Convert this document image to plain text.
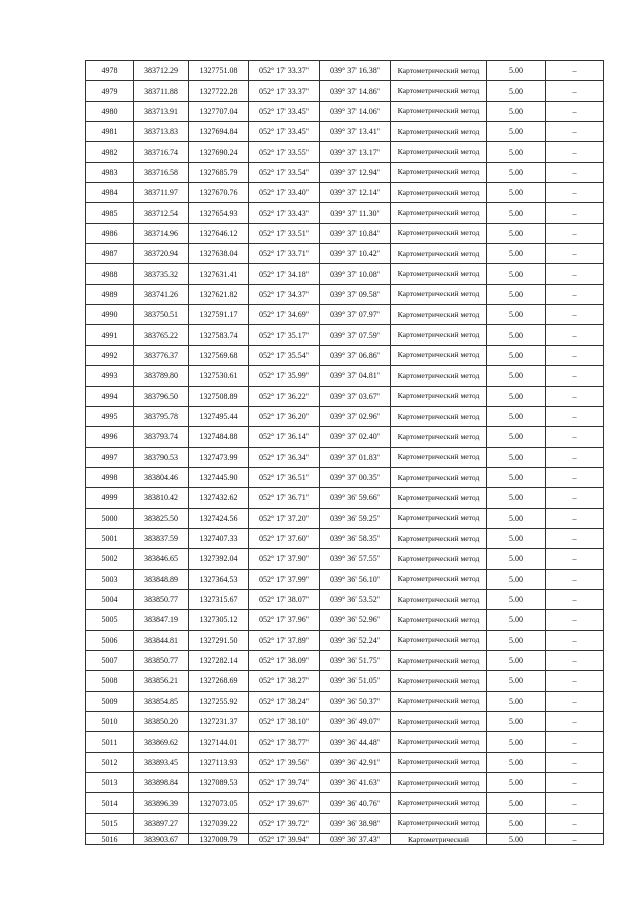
4978	383712.29	1327751.08	052° 17' 33.37"	039° 37' 16.38"	Картометрический метод	5.00	–
4979	383711.88	1327722.28	052° 17' 33.37"	039° 37' 14.86"	Картометрический метод	5.00	–
4980	383713.91	1327707.04	052° 17' 33.45"	039° 37' 14.06"	Картометрический метод	5.00	–
4981	383713.83	1327694.84	052° 17' 33.45"	039° 37' 13.41"	Картометрический метод	5.00	–
4982	383716.74	1327690.24	052° 17' 33.55"	039° 37' 13.17"	Картометрический метод	5.00	–
4983	383716.58	1327685.79	052° 17' 33.54"	039° 37' 12.94"	Картометрический метод	5.00	–
4984	383711.97	1327670.76	052° 17' 33.40"	039° 37' 12.14"	Картометрический метод	5.00	–
4985	383712.54	1327654.93	052° 17' 33.43"	039° 37' 11.30"	Картометрический метод	5.00	–
4986	383714.96	1327646.12	052° 17' 33.51"	039° 37' 10.84"	Картометрический метод	5.00	–
4987	383720.94	1327638.04	052° 17' 33.71"	039° 37' 10.42"	Картометрический метод	5.00	–
4988	383735.32	1327631.41	052° 17' 34.18"	039° 37' 10.08"	Картометрический метод	5.00	–
4989	383741.26	1327621.82	052° 17' 34.37"	039° 37' 09.58"	Картометрический метод	5.00	–
4990	383750.51	1327591.17	052° 17' 34.69"	039° 37' 07.97"	Картометрический метод	5.00	–
4991	383765.22	1327583.74	052° 17' 35.17"	039° 37' 07.59"	Картометрический метод	5.00	–
4992	383776.37	1327569.68	052° 17' 35.54"	039° 37' 06.86"	Картометрический метод	5.00	–
4993	383789.80	1327530.61	052° 17' 35.99"	039° 37' 04.81"	Картометрический метод	5.00	–
4994	383796.50	1327508.89	052° 17' 36.22"	039° 37' 03.67"	Картометрический метод	5.00	–
4995	383795.78	1327495.44	052° 17' 36.20"	039° 37' 02.96"	Картометрический метод	5.00	–
4996	383793.74	1327484.88	052° 17' 36.14"	039° 37' 02.40"	Картометрический метод	5.00	–
4997	383790.53	1327473.99	052° 17' 36.34"	039° 37' 01.83"	Картометрический метод	5.00	–
4998	383804.46	1327445.90	052° 17' 36.51"	039° 37' 00.35"	Картометрический метод	5.00	–
4999	383810.42	1327432.62	052° 17' 36.71"	039° 36' 59.66"	Картометрический метод	5.00	–
5000	383825.50	1327424.56	052° 17' 37.20"	039° 36' 59.25"	Картометрический метод	5.00	–
5001	383837.59	1327407.33	052° 17' 37.60"	039° 36' 58.35"	Картометрический метод	5.00	–
5002	383846.65	1327392.04	052° 17' 37.90"	039° 36' 57.55"	Картометрический метод	5.00	–
5003	383848.89	1327364.53	052° 17' 37.99"	039° 36' 56.10"	Картометрический метод	5.00	–
5004	383850.77	1327315.67	052° 17' 38.07"	039° 36' 53.52"	Картометрический метод	5.00	–
5005	383847.19	1327305.12	052° 17' 37.96"	039° 36' 52.96"	Картометрический метод	5.00	–
5006	383844.81	1327291.50	052° 17' 37.89"	039° 36' 52.24"	Картометрический метод	5.00	–
5007	383850.77	1327282.14	052° 17' 38.09"	039° 36' 51.75"	Картометрический метод	5.00	–
5008	383856.21	1327268.69	052° 17' 38.27"	039° 36' 51.05"	Картометрический метод	5.00	–
5009	383854.85	1327255.92	052° 17' 38.24"	039° 36' 50.37"	Картометрический метод	5.00	–
5010	383850.20	1327231.37	052° 17' 38.10"	039° 36' 49.07"	Картометрический метод	5.00	–
5011	383869.62	1327144.01	052° 17' 38.77"	039° 36' 44.48"	Картометрический метод	5.00	–
5012	383893.45	1327113.93	052° 17' 39.56"	039° 36' 42.91"	Картометрический метод	5.00	–
5013	383898.84	1327089.53	052° 17' 39.74"	039° 36' 41.63"	Картометрический метод	5.00	–
5014	383896.39	1327073.05	052° 17' 39.67"	039° 36' 40.76"	Картометрический метод	5.00	–
5015	383897.27	1327039.22	052° 17' 39.72"	039° 36' 38.98"	Картометрический метод	5.00	–
5016	383903.67	1327009.79	052° 17' 39.94"	039° 36' 37.43"	Картометрический	5.00	–
